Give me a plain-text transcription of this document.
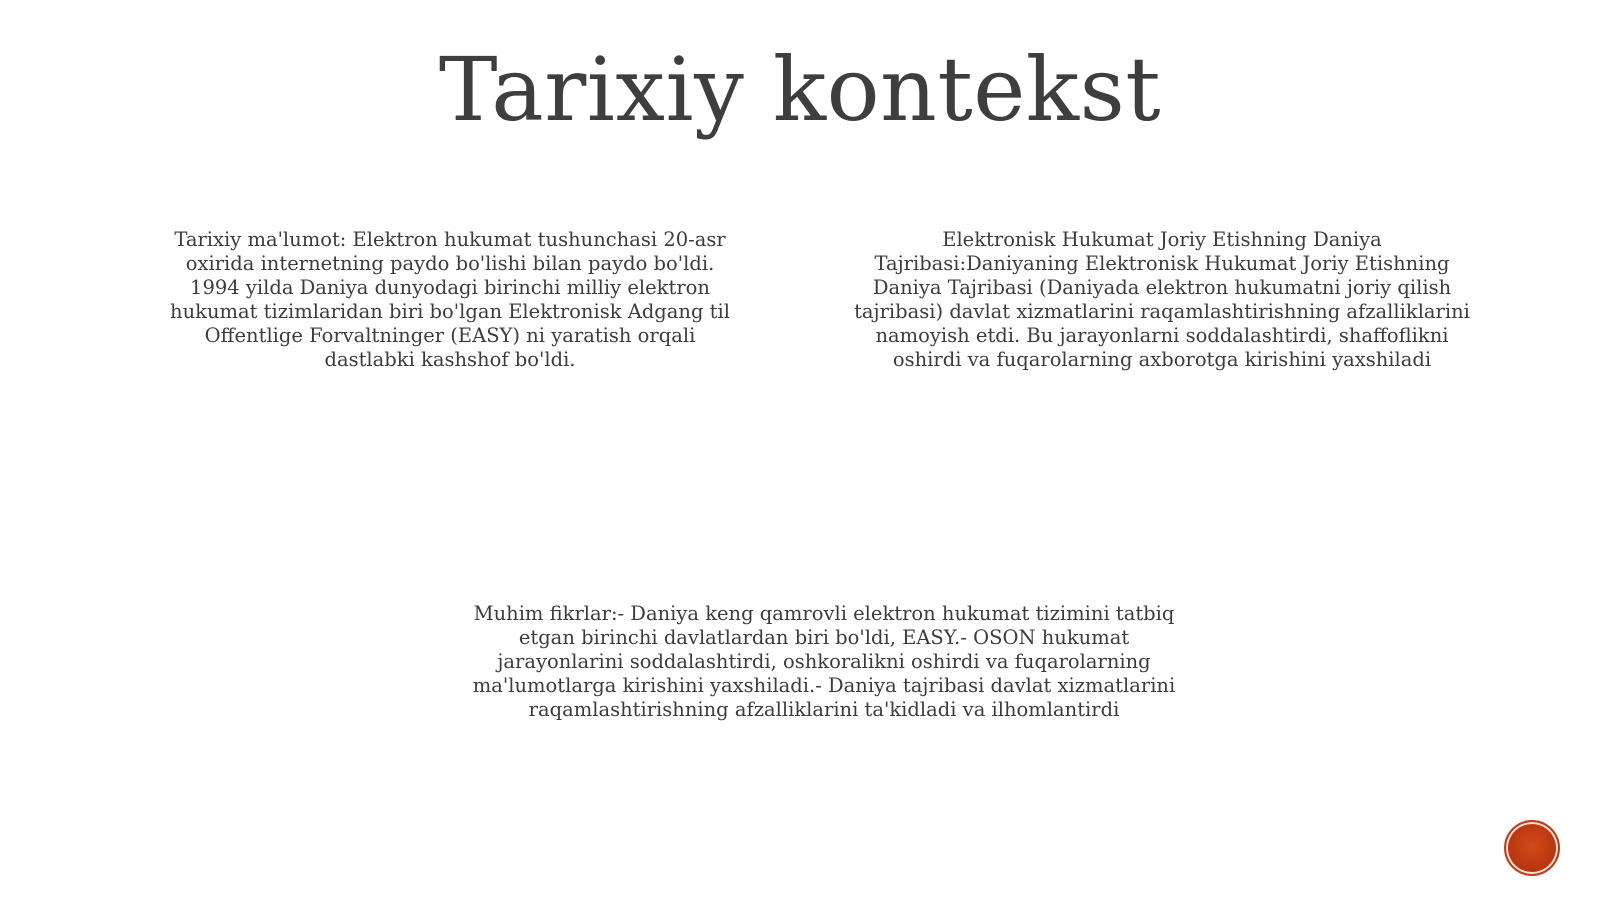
Tarixiy kontekst
Tarixiy ma'lumot: Elektron hukumat tushunchasi 20-asr oxirida internetning paydo bo'lishi bilan paydo bo'ldi. 1994 yilda Daniya dunyodagi birinchi milliy elektron hukumat tizimlaridan biri bo'lgan Elektronisk Adgang til Offentlige Forvaltninger (EASY) ni yaratish orqali dastlabki kashshof bo'ldi.
Elektronisk Hukumat Joriy Etishning Daniya Tajribasi:Daniyaning Elektronisk Hukumat Joriy Etishning Daniya Tajribasi (Daniyada elektron hukumatni joriy qilish tajribasi) davlat xizmatlarini raqamlashtirishning afzalliklarini namoyish etdi. Bu jarayonlarni soddalashtirdi, shaffoflikni oshirdi va fuqarolarning axborotga kirishini yaxshiladi
Muhim fikrlar:- Daniya keng qamrovli elektron hukumat tizimini tatbiq etgan birinchi davlatlardan biri bo'ldi, EASY.- OSON hukumat jarayonlarini soddalashtirdi, oshkoralikni oshirdi va fuqarolarning ma'lumotlarga kirishini yaxshiladi.- Daniya tajribasi davlat xizmatlarini raqamlashtirishning afzalliklarini ta'kidladi va ilhomlantirdi
